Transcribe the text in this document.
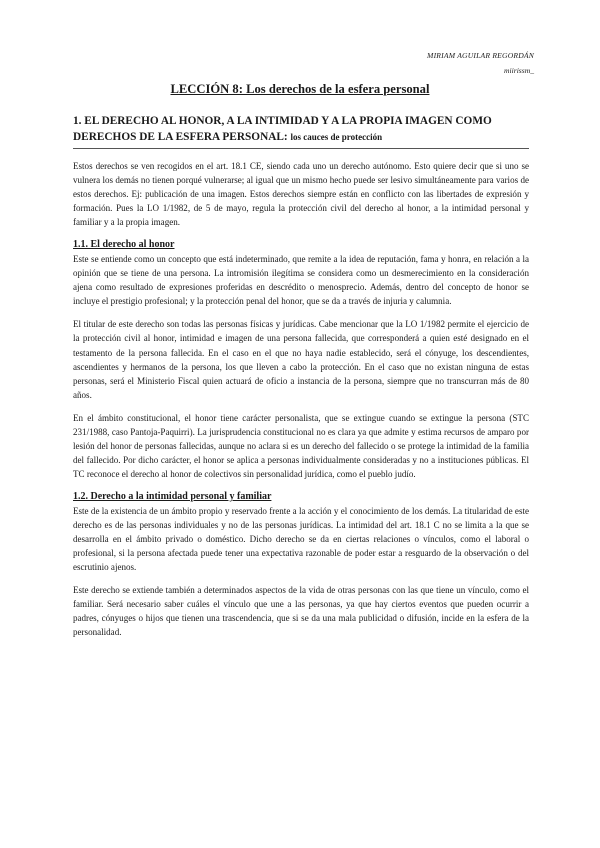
MIRIAM AGUILAR REGORDÁN
miirissm_
LECCIÓN 8: Los derechos de la esfera personal
1. EL DERECHO AL HONOR, A LA INTIMIDAD Y A LA PROPIA IMAGEN COMO DERECHOS DE LA ESFERA PERSONAL: los cauces de protección

Estos derechos se ven recogidos en el art. 18.1 CE, siendo cada uno un derecho autónomo. Esto quiere decir que si uno se vulnera los demás no tienen porqué vulnerarse; al igual que un mismo hecho puede ser lesivo simultáneamente para varios de estos derechos. Ej: publicación de una imagen. Estos derechos siempre están en conflicto con las libertades de expresión y formación. Pues la LO 1/1982, de 5 de mayo, regula la protección civil del derecho al honor, a la intimidad personal y familiar y a la propia imagen.

1.1. El derecho al honor

Este se entiende como un concepto que está indeterminado, que remite a la idea de reputación, fama y honra, en relación a la opinión que se tiene de una persona. La intromisión ilegítima se considera como un desmerecimiento en la consideración ajena como resultado de expresiones proferidas en descrédito o menosprecio. Además, dentro del concepto de honor se incluye el prestigio profesional; y la protección penal del honor, que se da a través de injuria y calumnia.

El titular de este derecho son todas las personas físicas y jurídicas. Cabe mencionar que la LO 1/1982 permite el ejercicio de la protección civil al honor, intimidad e imagen de una persona fallecida, que corresponderá a quien esté designado en el testamento de la persona fallecida. En el caso en el que no haya nadie establecido, será el cónyuge, los descendientes, ascendientes y hermanos de la persona, los que lleven a cabo la protección. En el caso que no existan ninguna de estas personas, será el Ministerio Fiscal quien actuará de oficio a instancia de la persona, siempre que no transcurran más de 80 años.

En el ámbito constitucional, el honor tiene carácter personalista, que se extingue cuando se extingue la persona (STC 231/1988, caso Pantoja-Paquirri). La jurisprudencia constitucional no es clara ya que admite y estima recursos de amparo por lesión del honor de personas fallecidas, aunque no aclara si es un derecho del fallecido o se protege la intimidad de la familia del fallecido. Por dicho carácter, el honor se aplica a personas individualmente consideradas y no a instituciones públicas. El TC reconoce el derecho al honor de colectivos sin personalidad jurídica, como el pueblo judío.

1.2. Derecho a la intimidad personal y familiar

Este de la existencia de un ámbito propio y reservado frente a la acción y el conocimiento de los demás. La titularidad de este derecho es de las personas individuales y no de las personas jurídicas. La intimidad del art. 18.1 C no se limita a la que se desarrolla en el ámbito privado o doméstico. Dicho derecho se da en ciertas relaciones o vínculos, como el laboral o profesional, si la persona afectada puede tener una expectativa razonable de poder estar a resguardo de la observación o del escrutinio ajenos.

Este derecho se extiende también a determinados aspectos de la vida de otras personas con las que tiene un vínculo, como el familiar. Será necesario saber cuáles el vínculo que une a las personas, ya que hay ciertos eventos que pueden ocurrir a padres, cónyuges o hijos que tienen una trascendencia, que si se da una mala publicidad o difusión, incide en la esfera de la personalidad.
